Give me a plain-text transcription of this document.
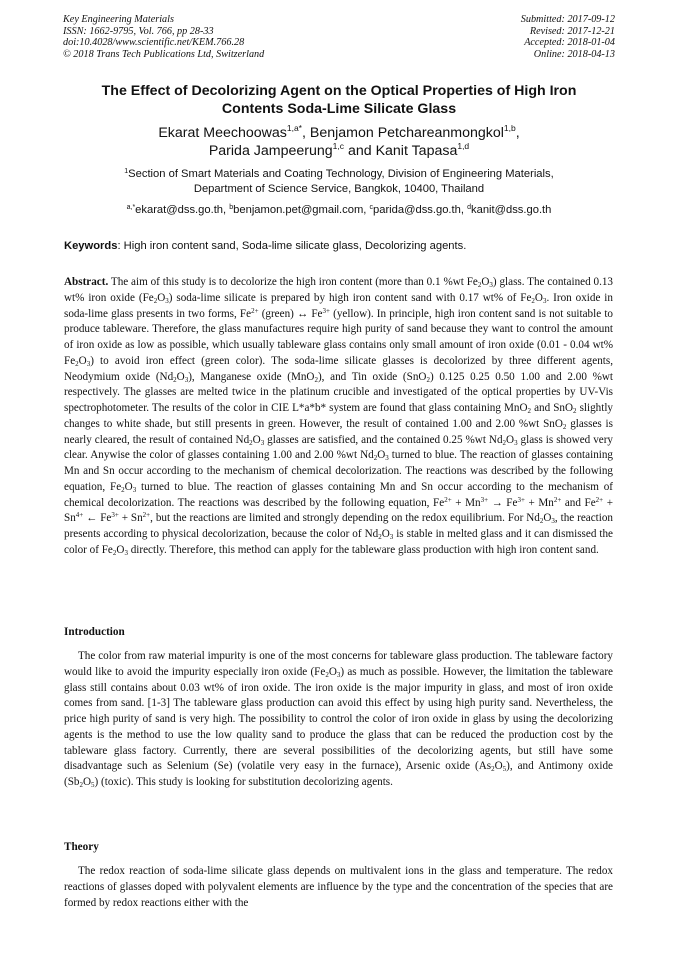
Key Engineering Materials
ISSN: 1662-9795, Vol. 766, pp 28-33
doi:10.4028/www.scientific.net/KEM.766.28
© 2018 Trans Tech Publications Ltd, Switzerland
Submitted: 2017-09-12
Revised: 2017-12-21
Accepted: 2018-01-04
Online: 2018-04-13
The Effect of Decolorizing Agent on the Optical Properties of High Iron
Contents Soda-Lime Silicate Glass
Ekarat Meechoowas$^{1,a*}$, Benjamon Petchareanmongkol$^{1,b}$,
Parida Jampeerung$^{1,c}$ and Kanit Tapasa$^{1,d}$
$^1$Section of Smart Materials and Coating Technology, Division of Engineering Materials,
Department of Science Service, Bangkok, 10400, Thailand
$^{a,*}$ekarat@dss.go.th, $^b$benjamon.pet@gmail.com, $^c$parida@dss.go.th, $^d$kanit@dss.go.th
Keywords: High iron content sand, Soda-lime silicate glass, Decolorizing agents.
Abstract. The aim of this study is to decolorize the high iron content (more than 0.1 %wt $Fe_2O_3$) glass. The contained 0.13 wt% iron oxide $(Fe_2O_3)$ soda-lime silicate is prepared by high iron content sand with 0.17 wt% of $Fe_2O_3$. Iron oxide in soda-lime glass presents in two forms, $Fe^{2+}$ (green) ↔ $Fe^{3+}$ (yellow). In principle, high iron content sand is not suitable to produce tableware. Therefore, the glass manufactures require high purity of sand because they want to control the amount of iron oxide as low as possible, which usually tableware glass contains only small amount of iron oxide (0.01 - 0.04 wt% $Fe_2O_3$) to avoid iron effect (green color). The soda-lime silicate glasses is decolorized by three different agents, Neodymium oxide $(Nd_2O_3)$, Manganese oxide (MnO$_2$), and Tin oxide (SnO$_2$) 0.125 0.25 0.50 1.00 and 2.00 %wt respectively. The glasses are melted twice in the platinum crucible and investigated of the optical properties by UV-Vis spectrophotometer. The results of the color in CIE L*a*b* system are found that glass containing MnO$_2$ and SnO$_2$ slightly changes to white shade, but still presents in green. However, the result of contained 1.00 and 2.00 %wt SnO$_2$ glasses is nearly cleared, the result of contained $Nd_2O_3$ glasses are satisfied, and the contained 0.25 %wt $Nd_2O_3$ glass is showed very clear. Anywise the color of glasses containing 1.00 and 2.00 %wt $Nd_2O_3$ turned to blue. The reaction of glasses containing Mn and Sn occur according to the mechanism of chemical decolorization. The reactions was described by the following equation, $Fe_2O_3$ turned to blue. The reaction of glasses containing Mn and Sn occur according to the mechanism of chemical decolorization. The reactions was described by the following equation, $Fe^{2+} + Mn^{3+} \to Fe^{3+} + Mn^{2+}$ and $Fe^{2+} + Sn^{4+}$ ← $Fe^{3+} + Sn^{2+}$, but the reactions are limited and strongly depending on the redox equilibrium. For $Nd_2O_3$, the reaction presents according to physical decolorization, because the color of $Nd_2O_3$ is stable in melted glass and it can dismissed the color of $Fe_2O_3$ directly. Therefore, this method can apply for the tableware glass production with high iron content sand.
Introduction
The color from raw material impurity is one of the most concerns for tableware glass production. The tableware factory would like to avoid the impurity especially iron oxide $(Fe_2O_3)$ as much as possible. However, the limitation the tableware glass still contains about 0.03 wt% of iron oxide. The iron oxide is the major impurity in glass, and most of iron oxide comes from sand. [1-3] The tableware glass production can avoid this effect by using high purity sand. Nevertheless, the price high purity of sand is very high. The possibility to control the color of iron oxide in glass by using the decolorizing agents is the method to use the low quality sand to produce the glass that can be reduced the production cost by the tableware glass factory. Currently, there are several possibilities of the decolorizing agents, but still have some disadvantage such as Selenium (Se) (volatile very easy in the furnace), Arsenic oxide $(As_2O_5)$, and Antimony oxide $(Sb_2O_5)$ (toxic). This study is looking for substitution decolorizing agents.
Theory
The redox reaction of soda-lime silicate glass depends on multivalent ions in the glass and temperature. The redox reactions of glasses doped with polyvalent elements are influence by the type and the concentration of the species that are formed by redox reactions either with the
